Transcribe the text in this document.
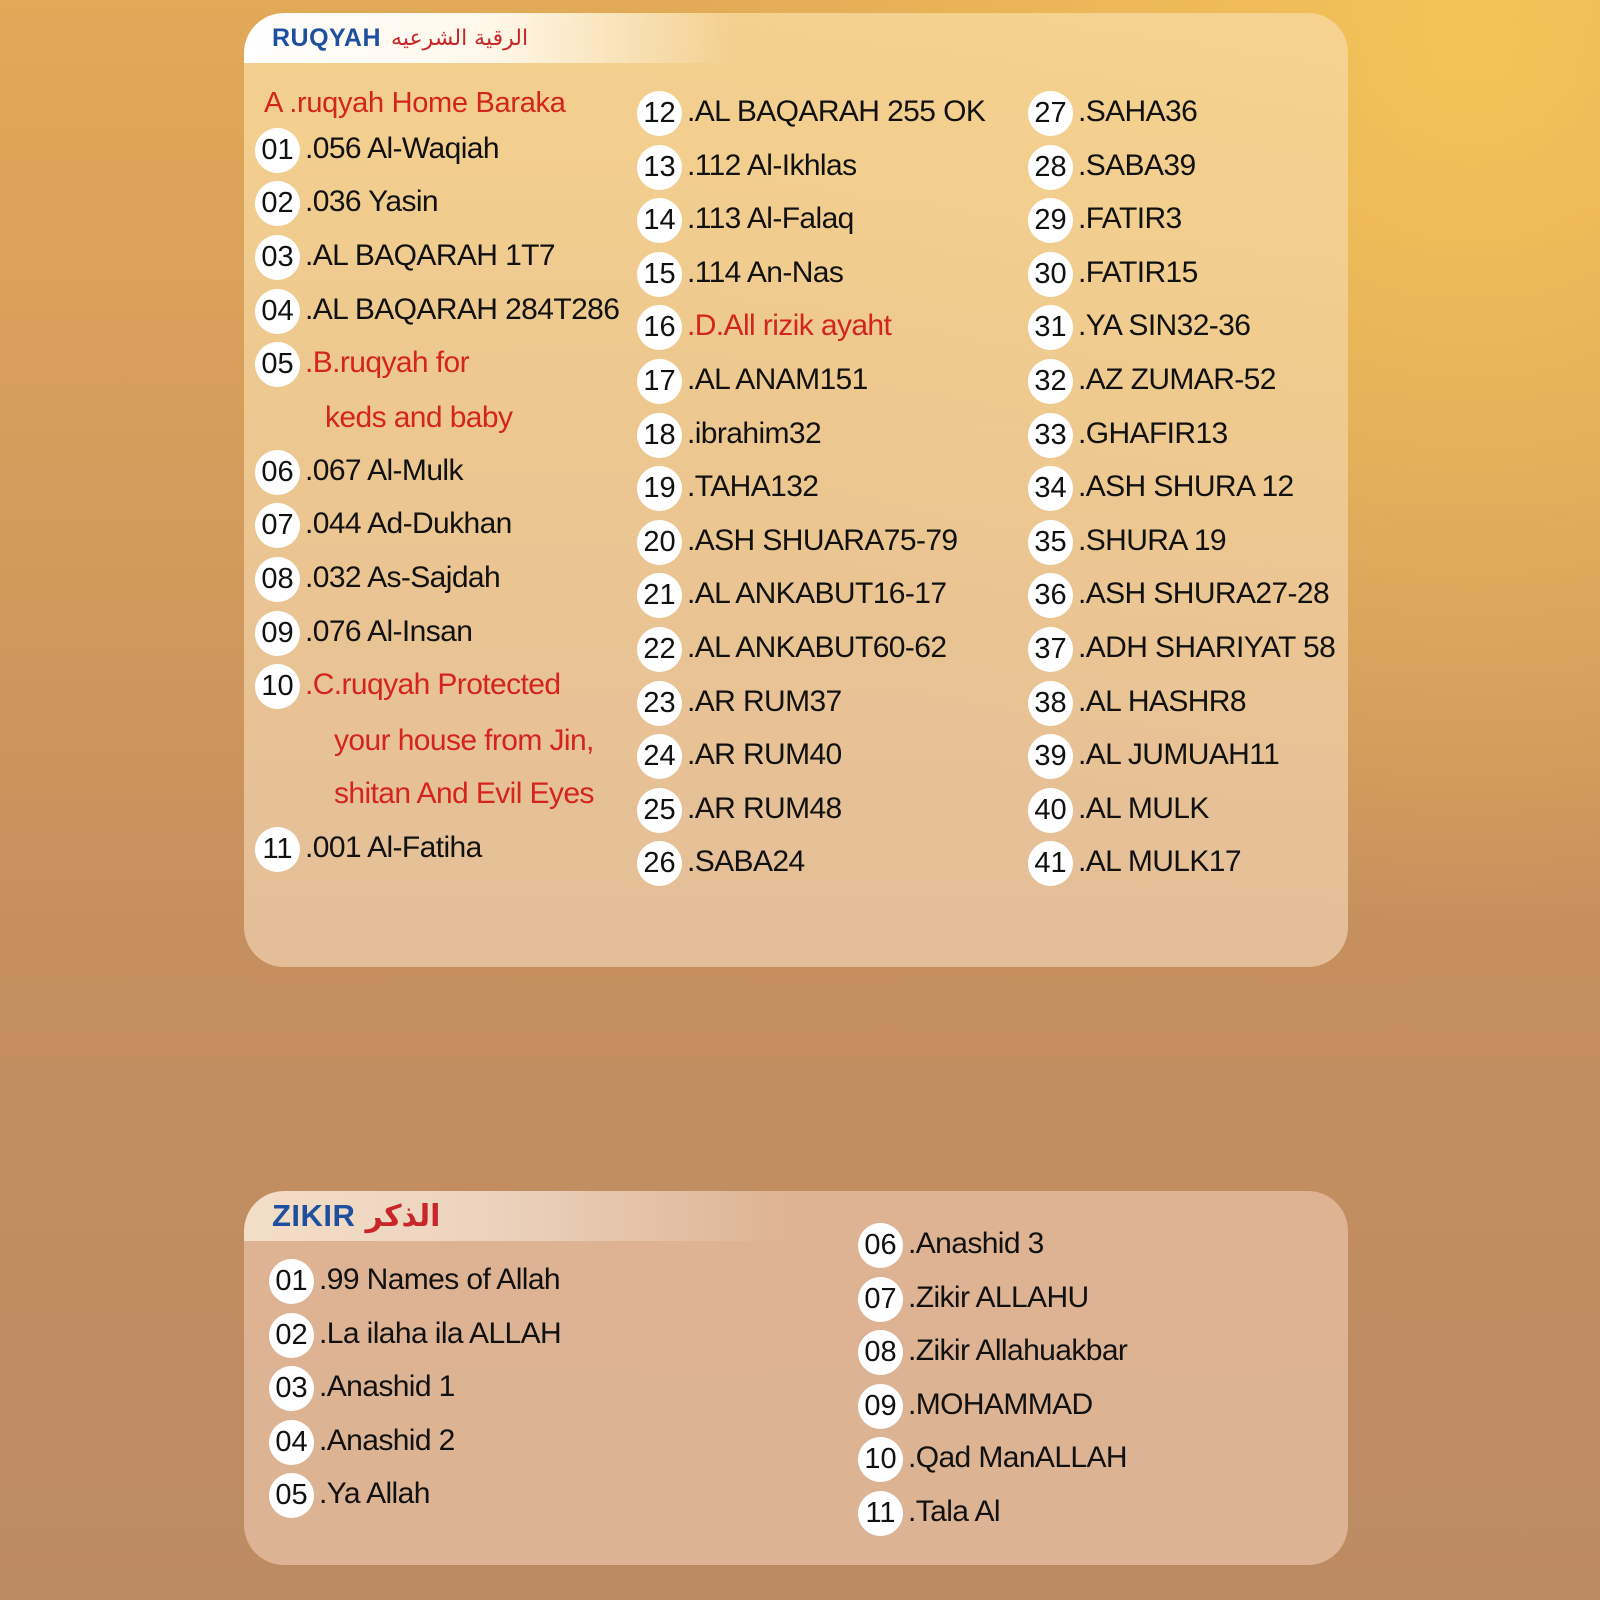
RUQYAH الرقية الشرعيه
A .ruqyah Home Baraka
01 .056 Al-Waqiah
02 .036 Yasin
03 .AL BAQARAH 1T7
04 .AL BAQARAH 284T286
05 .B.ruqyah for
keds and baby
06 .067 Al-Mulk
07 .044 Ad-Dukhan
08 .032 As-Sajdah
09 .076 Al-Insan
10 .C.ruqyah Protected
your house from Jin,
shitan And Evil Eyes
11 .001 Al-Fatiha
12 .AL BAQARAH 255 OK
13 .112 Al-Ikhlas
14 .113 Al-Falaq
15 .114 An-Nas
16 .D.All rizik ayaht
17 .AL ANAM151
18 .ibrahim32
19 .TAHA132
20 .ASH SHUARA75-79
21 .AL ANKABUT16-17
22 .AL ANKABUT60-62
23 .AR RUM37
24 .AR RUM40
25 .AR RUM48
26 .SABA24
27 .SAHA36
28 .SABA39
29 .FATIR3
30 .FATIR15
31 .YA SIN32-36
32 .AZ ZUMAR-52
33 .GHAFIR13
34 .ASH SHURA 12
35 .SHURA 19
36 .ASH SHURA27-28
37 .ADH SHARIYAT 58
38 .AL HASHR8
39 .AL JUMUAH11
40 .AL MULK
41 .AL MULK17
ZIKIR الذكر
01 .99 Names of Allah
02 .La ilaha ila ALLAH
03 .Anashid 1
04 .Anashid 2
05 .Ya Allah
06 .Anashid 3
07 .Zikir ALLAHU
08 .Zikir Allahuakbar
09 .MOHAMMAD
10 .Qad ManALLAH
11 .Tala Al
